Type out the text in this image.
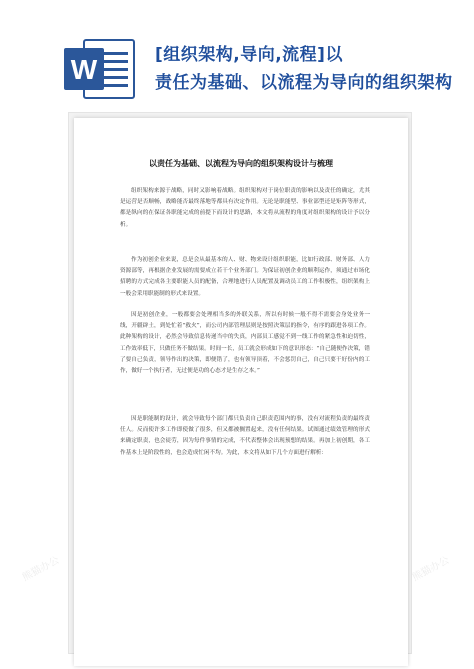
W	[组织架构,导向,流程]以
责任为基础、以流程为导向的组织架构
以责任为基础、以流程为导向的组织架构设计与梳理
组织架构来源于战略，同时又影响着战略。组织架构对于岗位职责的影响以及责任的确定，尤其是运营是否顺畅，战略能否最终落地等都具有决定作用。无论是职能型、事业部型还是矩阵等形式，都是纵向的在保证各职能完成的前提下而设计的思路，本文将从流程的角度对组织架构的设计予以分析。
作为初创企业来说，总是会从最基本的人、财、物来设计组织职能，比如行政部、财务部、人力资源部等，再根据企业发展的需要成立若干个业务部门。为保证初创企业的顺利运作，须通过市场化招聘的方式完成各主要职能人员的配备，合理地进行人员配置及调动员工的工作积极性，组织架构上一般会采用职能制的形式来设置。
因是初创企业，一般都要会处理相当多的外联关系，所以有时候一般不得不需要会身处业务一线，开疆辟土，到处忙着“救火”，而公司内部管理层则是按照决策层的指令，有序的跟进各项工作。此种架构的设计，必然会导致信息传递当中的失真，内部员工感觉不到一线工作的紧急性和迫切性，工作效率低下，只做任务不做结果。时间一长，员工就会形成如下的意识形态：“自己随便作决策，错了要自己负责，领导作出的决策，即便错了，也有领导顶着，不会惩罚自己，自己只要干好份内的工作，做好一个执行者，无过便是功的心态才是生存之本。”
因是职能制的设计，就会导致每个部门都只负责自己职责范围内的事，没有对流程负责的最终责任人。反而使许多工作即使做了很多，但又都被搁置起来，没有任何结果。试图通过绩效管理的形式来确定职责，也会徒劳，因为每件事情的完成，不代表整体会出现预想的结果。再加上初创期，各工作基本上是阶段性的，也会造成忙闲不均。为此，本文将从如下几个方面进行解析：
熊猫办公	熊猫办公
